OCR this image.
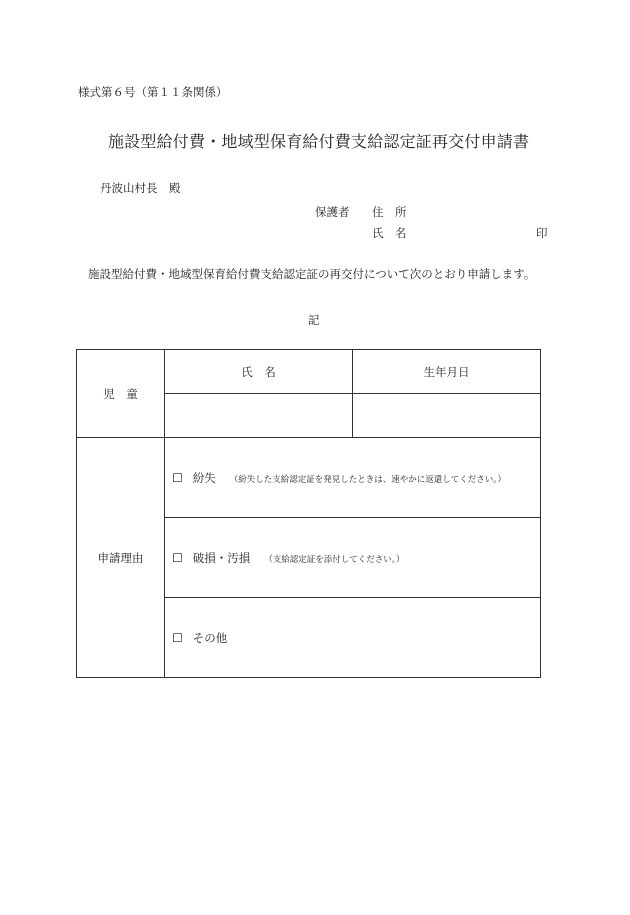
様式第６号（第１１条関係）
施設型給付費・地域型保育給付費支給認定証再交付申請書
丹波山村長　殿
保護者 住　所
氏　名	印
施設型給付費・地域型保育給付費支給認定証の再交付について次のとおり申請します。
記
児　童	氏　名	生年月日

申請理由	☐ 紛失 （紛失した支給認定証を発見したときは、速やかに返還してください。）	
	☐ 破損・汚損 （支給認定証を添付してください。）	
	☐ その他	
